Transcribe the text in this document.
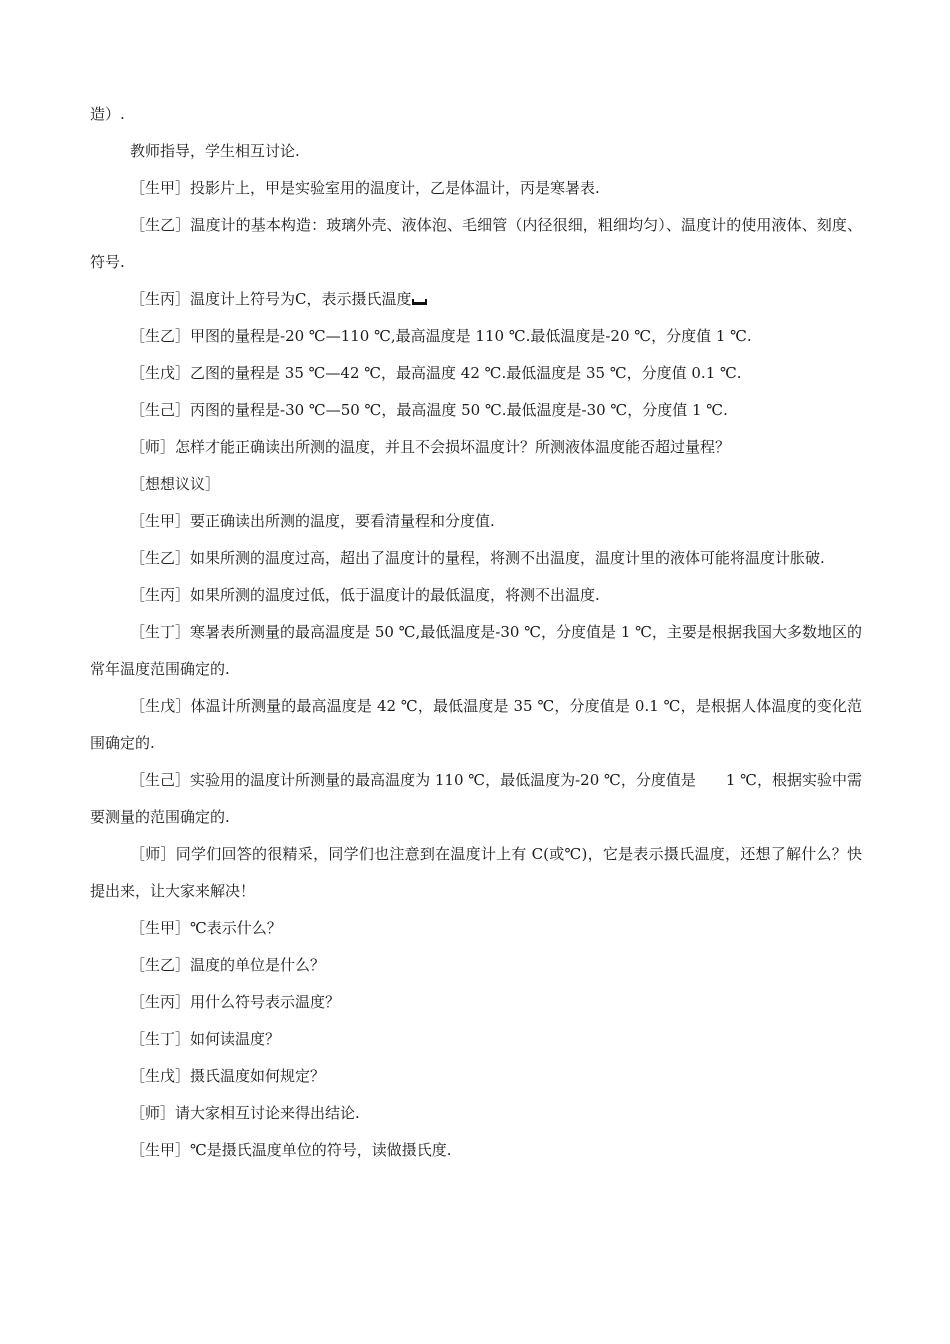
造）.

教师指导，学生相互讨论.

［生甲］投影片上，甲是实验室用的温度计，乙是体温计，丙是寒暑表.

［生乙］温度计的基本构造：玻璃外壳、液体泡、毛细管（内径很细，粗细均匀）、温度计的使用液体、刻度、符号.

［生丙］温度计上符号为C，表示摄氏温度

［生乙］甲图的量程是-20 ℃—110 ℃,最高温度是 110 ℃.最低温度是-20 ℃，分度值 1 ℃.

［生戊］乙图的量程是 35 ℃—42 ℃，最高温度 42 ℃.最低温度是 35 ℃，分度值 0.1 ℃.

［生己］丙图的量程是-30 ℃—50 ℃，最高温度 50 ℃.最低温度是-30 ℃，分度值 1 ℃.

［师］怎样才能正确读出所测的温度，并且不会损坏温度计？所测液体温度能否超过量程？

［想想议议］

［生甲］要正确读出所测的温度，要看清量程和分度值.

［生乙］如果所测的温度过高，超出了温度计的量程，将测不出温度，温度计里的液体可能将温度计胀破.

［生丙］如果所测的温度过低，低于温度计的最低温度，将测不出温度.

［生丁］寒暑表所测量的最高温度是 50 ℃,最低温度是-30 ℃，分度值是 1 ℃，主要是根据我国大多数地区的常年温度范围确定的.

［生戊］体温计所测量的最高温度是 42 ℃，最低温度是 35 ℃，分度值是 0.1 ℃，是根据人体温度的变化范围确定的.

［生己］实验用的温度计所测量的最高温度为 110 ℃，最低温度为-20 ℃，分度值是　　1 ℃，根据实验中需要测量的范围确定的.

［师］同学们回答的很精采，同学们也注意到在温度计上有 C(或℃)，它是表示摄氏温度，还想了解什么？快提出来，让大家来解决！

［生甲］℃表示什么？

［生乙］温度的单位是什么？

［生丙］用什么符号表示温度？

［生丁］如何读温度？

［生戊］摄氏温度如何规定？

［师］请大家相互讨论来得出结论.

［生甲］℃是摄氏温度单位的符号，读做摄氏度.
